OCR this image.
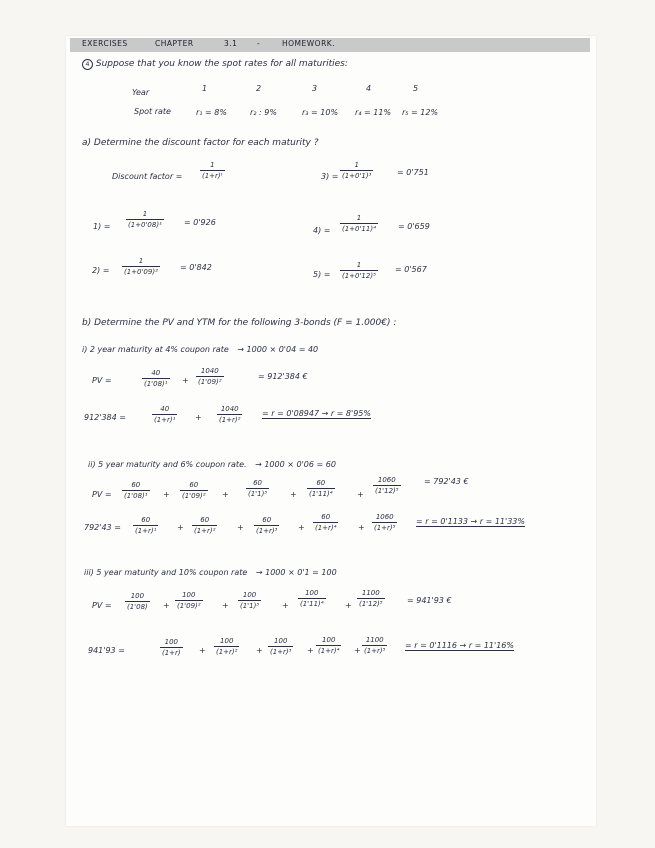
EXERCISES	CHAPTER	3.1	-	HOMEWORK.
4 Suppose that you know the spot rates for all maturities:
Year	1	2	3	4	5
Spot rate	r₁ = 8%	r₂ : 9%	r₃ = 10% r₄ = 11% r₅ = 12%
a) Determine the discount factor for each maturity ?
Discount factor =	$\frac{1}{\text{(1+r)ᵗ}}$	$3) = \frac{1}{\text{(1+0'1)³}}$	= 0'751
$1) = \frac{1}{\text{(1+0'08)¹}}$	= 0'926
$4) = \frac{1}{\text{(1+0'11)⁴}}$	= 0'659
$2) = \frac{1}{\text{(1+0'09)²}}$	= 0'842
$5) = \frac{1}{\text{(1+0'12)⁵}} = 0'567$
b) Determine the PV and YTM for the following 3-bonds (F = 1.000€) :
i) 2 year maturity at 4% coupon rate → 1000 × 0'04 = 40
PV =	$\frac{40}{\text{(1'08)¹}} + \frac{1040}{\text{(1'09)²}}$	= 912'384 €
912'384 =	$\frac{40}{\text{(1+r)¹}} + \frac{1040}{\text{(1+r)²}} = r = 0'08947 \to r = 8'95\%$
ii) 5 year maturity and 6% coupon rate. → 1000 × 0'06 = 60
PV = $\frac{60}{\text{(1'08)¹}} + \frac{60}{\text{(1'09)²}} + \frac{60}{\text{(1'1)³}}$	+ $\frac{60}{\text{(1'11)⁴}}$	+ $\frac{1060}{\text{(1'12)⁵}}$	= 792'43 €
$792'43 = \frac{60}{\text{(1+r)¹}} + \frac{60}{\text{(1+r)²}} + \frac{60}{\text{(1+r)³}} + \frac{60}{\text{(1+r)⁴}} + \frac{1060}{\text{(1+r)⁵}} = r = 0'1133 \to r = 11'33\%$
iii) 5 year maturity and 10% coupon rate → 1000 × 0'1 = 100
PV = $\frac{100}{(1'08)} + \frac{100}{\text{(1'09)²}} + \frac{100}{\text{(1'1)³}}$	+ $\frac{100}{\text{(1'11)⁴}} + \frac{1100}{\text{(1'12)⁵}}$	= 941'93 €
941'93 =	$\frac{100}{(1+r)} + \frac{100}{\text{(1+r)²}} + \frac{100}{\text{(1+r)³}} + \frac{100}{\text{(1+r)⁴}} + \frac{1100}{\text{(1+r)⁵}} = r = 0'1116 \to r = 11'16\%$
